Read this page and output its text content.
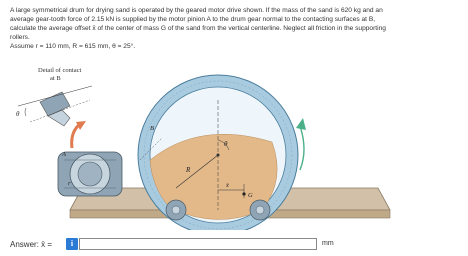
A large symmetrical drum for drying sand is operated by the geared motor drive shown. If the mass of the sand is 620 kg and an

average gear-tooth force of 2.15 kN is supplied by the motor pinion A to the drum gear normal to the contacting surfaces at B,

calculate the average offset x̄ of the center of mass G of the sand from the vertical centerline. Neglect all friction in the supporting

rollers.

Assume r = 110 mm, R = 615 mm, θ = 25°.

Detail of contact
at B
θ
A
r
R
θ
x̄
G
B
Answer: x̄ =	i	mm
